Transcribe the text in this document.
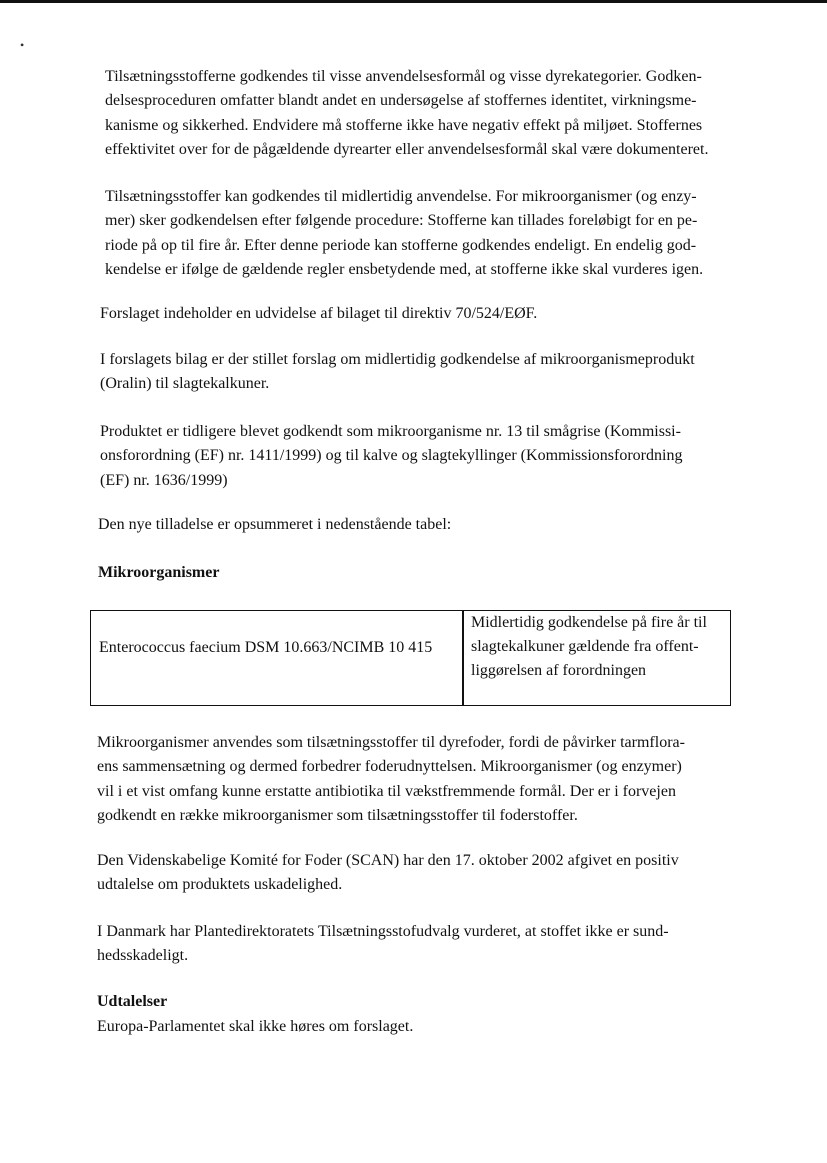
•

Tilsætningsstofferne godkendes til visse anvendelsesformål og visse dyrekategorier. Godken-
delsesproceduren omfatter blandt andet en undersøgelse af stoffernes identitet, virkningsme-
kanisme og sikkerhed. Endvidere må stofferne ikke have negativ effekt på miljøet. Stoffernes
effektivitet over for de pågældende dyrearter eller anvendelsesformål skal være dokumenteret.

Tilsætningsstoffer kan godkendes til midlertidig anvendelse. For mikroorganismer (og enzy-
mer) sker godkendelsen efter følgende procedure: Stofferne kan tillades foreløbigt for en pe-
riode på op til fire år. Efter denne periode kan stofferne godkendes endeligt. En endelig god-
kendelse er ifølge de gældende regler ensbetydende med, at stofferne ikke skal vurderes igen.

Forslaget indeholder en udvidelse af bilaget til direktiv 70/524/EØF.

I forslagets bilag er der stillet forslag om midlertidig godkendelse af mikroorganismeprodukt
(Oralin) til slagtekalkuner.

Produktet er tidligere blevet godkendt som mikroorganisme nr. 13 til smågrise (Kommissi-
onsforordning (EF) nr. 1411/1999) og til kalve og slagtekyllinger (Kommissionsforordning
(EF) nr. 1636/1999)

Den nye tilladelse er opsummeret i nedenstående tabel:

Mikroorganismer
Enterococcus faecium DSM 10.663/NCIMB 10 415
Midlertidig godkendelse på fire år til
slagtekalkuner gældende fra offent-
liggørelsen af forordningen

Mikroorganismer anvendes som tilsætningsstoffer til dyrefoder, fordi de påvirker tarmflora-
ens sammensætning og dermed forbedrer foderudnyttelsen. Mikroorganismer (og enzymer)
vil i et vist omfang kunne erstatte antibiotika til vækstfremmende formål. Der er i forvejen
godkendt en række mikroorganismer som tilsætningsstoffer til foderstoffer.

Den Videnskabelige Komité for Foder (SCAN) har den 17. oktober 2002 afgivet en positiv
udtalelse om produktets uskadelighed.

I Danmark har Plantedirektoratets Tilsætningsstofudvalg vurderet, at stoffet ikke er sund-
hedsskadeligt.

Udtalelser

Europa-Parlamentet skal ikke høres om forslaget.
